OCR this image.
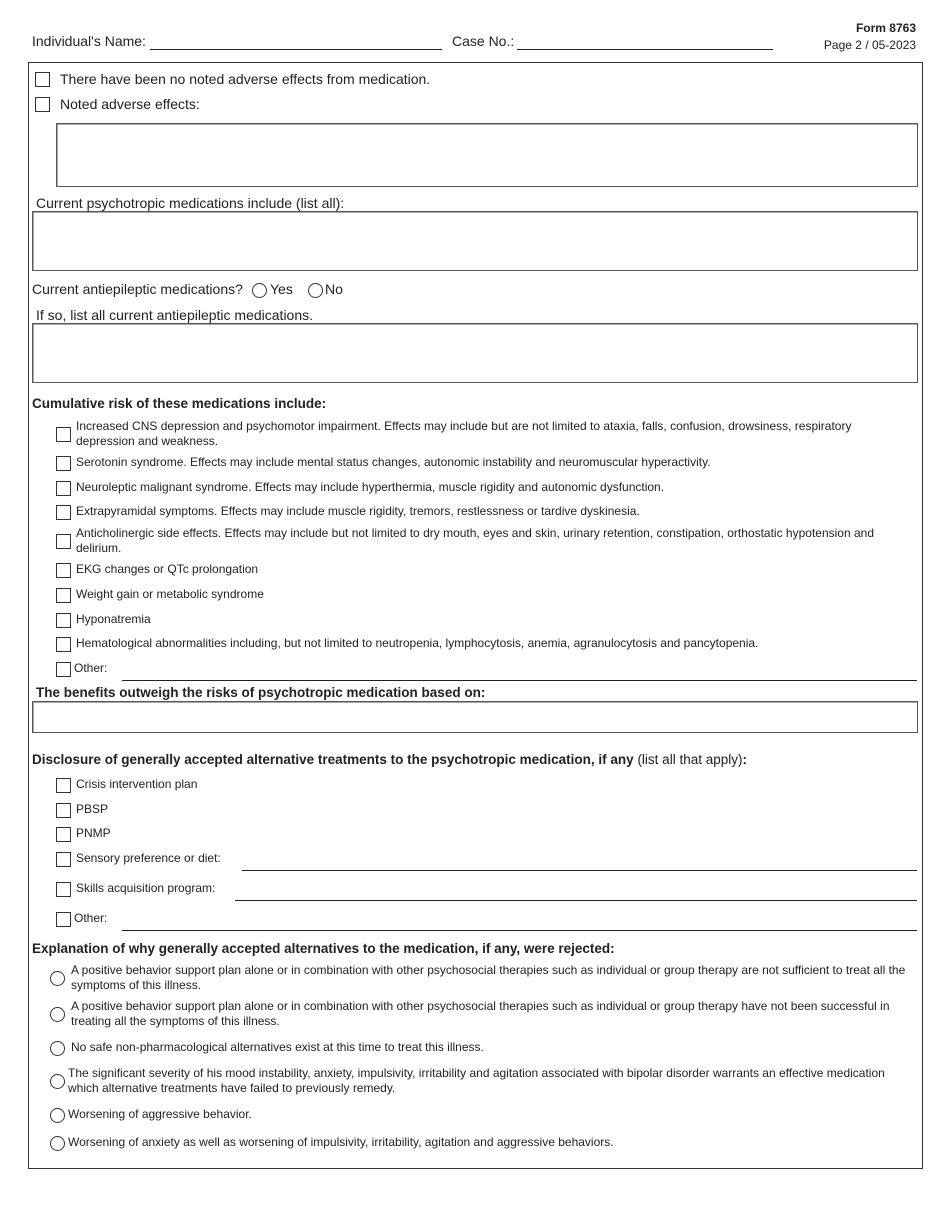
Individual's Name:	Case No.:
Form 8763
Page 2 / 05-2023
There have been no noted adverse effects from medication.
Noted adverse effects:
Current psychotropic medications include (list all):
Current antiepileptic medications? Yes No
If so, list all current antiepileptic medications.
Cumulative risk of these medications include:
Increased CNS depression and psychomotor impairment. Effects may include but are not limited to ataxia, falls, confusion, drowsiness, respiratory depression and weakness.
Serotonin syndrome. Effects may include mental status changes, autonomic instability and neuromuscular hyperactivity.
Neuroleptic malignant syndrome. Effects may include hyperthermia, muscle rigidity and autonomic dysfunction.
Extrapyramidal symptoms. Effects may include muscle rigidity, tremors, restlessness or tardive dyskinesia.
Anticholinergic side effects. Effects may include but not limited to dry mouth, eyes and skin, urinary retention, constipation, orthostatic hypotension and delirium.
EKG changes or QTc prolongation
Weight gain or metabolic syndrome
Hyponatremia
Hematological abnormalities including, but not limited to neutropenia, lymphocytosis, anemia, agranulocytosis and pancytopenia.
Other:
The benefits outweigh the risks of psychotropic medication based on:
Disclosure of generally accepted alternative treatments to the psychotropic medication, if any (list all that apply):
Crisis intervention plan
PBSP
PNMP
Sensory preference or diet:
Skills acquisition program:
Other:
Explanation of why generally accepted alternatives to the medication, if any, were rejected:
A positive behavior support plan alone or in combination with other psychosocial therapies such as individual or group therapy are not sufficient to treat all the symptoms of this illness.
A positive behavior support plan alone or in combination with other psychosocial therapies such as individual or group therapy have not been successful in treating all the symptoms of this illness.
No safe non-pharmacological alternatives exist at this time to treat this illness.
The significant severity of his mood instability, anxiety, impulsivity, irritability and agitation associated with bipolar disorder warrants an effective medication which alternative treatments have failed to previously remedy.
Worsening of aggressive behavior.
Worsening of anxiety as well as worsening of impulsivity, irritability, agitation and aggressive behaviors.
